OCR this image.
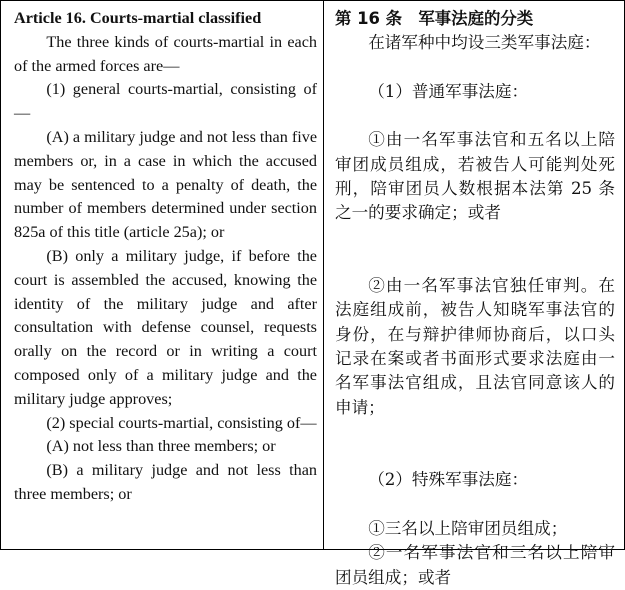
Article 16. Courts-martial classified

The three kinds of courts-martial in each of the armed forces are—

(1) general courts-martial, consisting of—

(A) a military judge and not less than five members or, in a case in which the accused may be sentenced to a penalty of death, the number of members determined under section 825a of this title (article 25a); or

(B) only a military judge, if before the court is assembled the accused, knowing the identity of the military judge and after consultation with defense counsel, requests orally on the record or in writing a court composed only of a military judge and the military judge approves;

(2) special courts-martial, consisting of—

(A) not less than three members; or

(B) a military judge and not less than three members; or

第 16 条　军事法庭的分类

在诸军种中均设三类军事法庭：

（1）普通军事法庭：

①由一名军事法官和五名以上陪审团成员组成，若被告人可能判处死刑，陪审团员人数根据本法第 25 条之一的要求确定；或者

②由一名军事法官独任审判。在法庭组成前，被告人知晓军事法官的身份，在与辩护律师协商后，以口头记录在案或者书面形式要求法庭由一名军事法官组成，且法官同意该人的申请；

（2）特殊军事法庭：

①三名以上陪审团员组成；

②一名军事法官和三名以上陪审团员组成；或者
